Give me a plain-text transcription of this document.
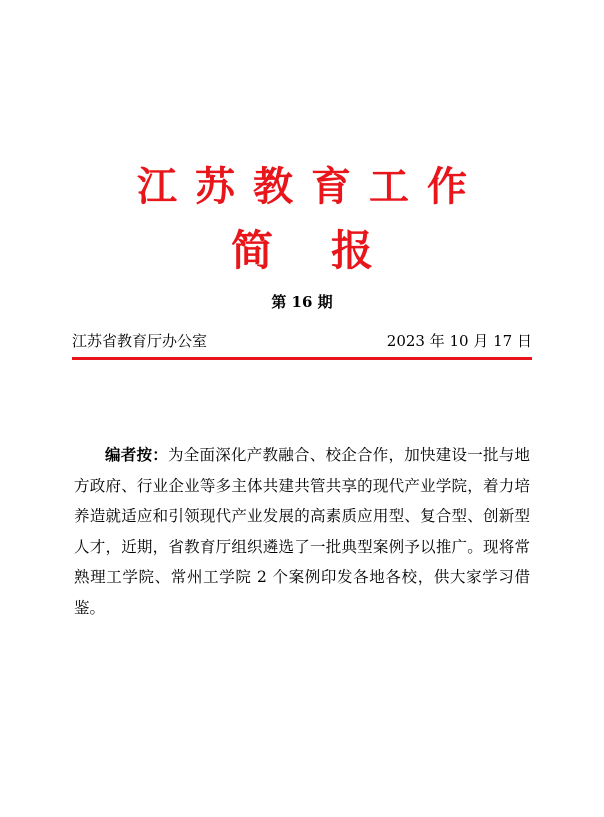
江苏教育工作
简报
第 16 期
江苏省教育厅办公室	2023 年 10 月 17 日

编者按：为全面深化产教融合、校企合作，加快建设一批与地方政府、行业企业等多主体共建共管共享的现代产业学院，着力培养造就适应和引领现代产业发展的高素质应用型、复合型、创新型人才，近期，省教育厅组织遴选了一批典型案例予以推广。现将常熟理工学院、常州工学院 2 个案例印发各地各校，供大家学习借鉴。
